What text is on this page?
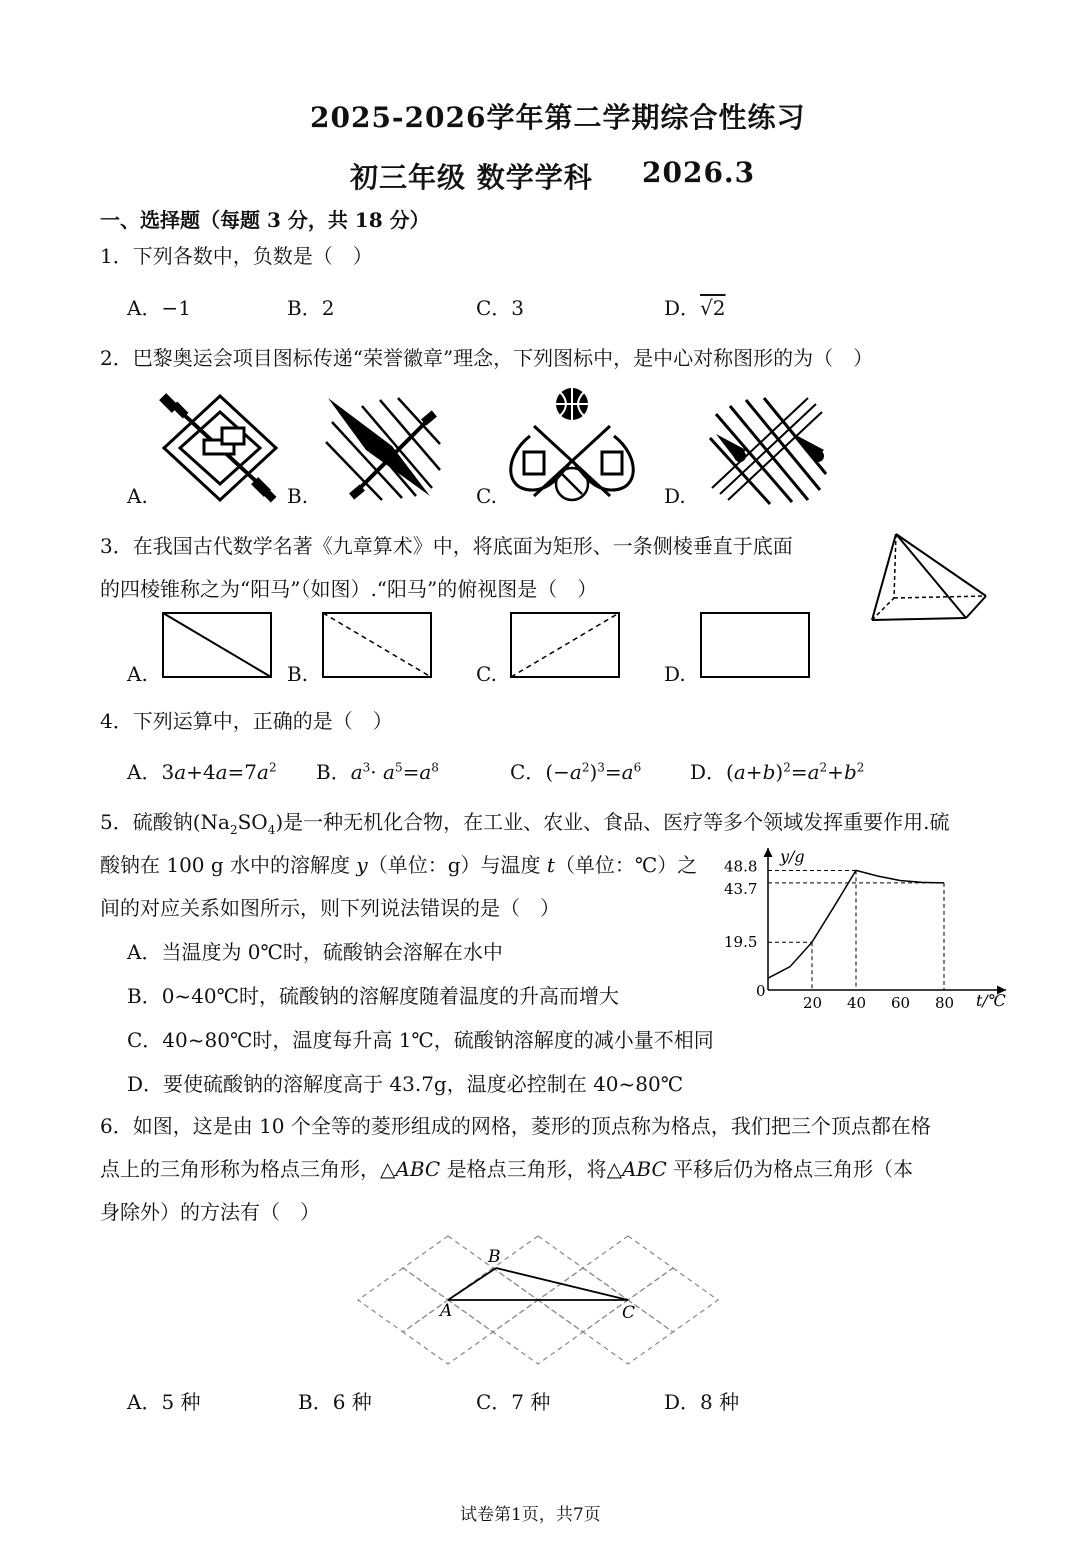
2025-2026学年第二学期综合性练习
初三年级 数学学科 2026.3
一、选择题（每题 3 分，共 18 分）
1．下列各数中，负数是（　）
A．−1	B．2	C．3	D．√2
2．巴黎奥运会项目图标传递“荣誉徽章”理念，下列图标中，是中心对称图形的为（　）
A.	B.	C.	D.
3．在我国古代数学名著《九章算术》中，将底面为矩形、一条侧棱垂直于底面
的四棱锥称之为“阳马”（如图）.“阳马”的俯视图是（　）
A.	B.	C.	D.
4．下列运算中，正确的是（　）
A．$3a+4a=7a^2$ B．$a^3\cdot a^5=a^8$	C．$(-a^2)^3=a^6$ D．$(a+b)^2=a^2+b^2$
5．硫酸钠$(Na_2SO_4)$是一种无机化合物，在工业、农业、食品、医疗等多个领域发挥重要作用.硫
酸钠在 100 g 水中的溶解度 y（单位：g）与温度 t（单位：℃）之
间的对应关系如图所示，则下列说法错误的是（　）
A．当温度为 0℃时，硫酸钠会溶解在水中
B．0~40℃时，硫酸钠的溶解度随着温度的升高而增大
C．40~80℃时，温度每升高 1℃，硫酸钠溶解度的减小量不相同
D．要使硫酸钠的溶解度高于 43.7g，温度必控制在 40~80℃
y/g
t/℃
0
48.8
43.7
19.5
20 40 60 80
6．如图，这是由 10 个全等的菱形组成的网格，菱形的顶点称为格点，我们把三个顶点都在格
点上的三角形称为格点三角形，△ABC 是格点三角形，将△ABC 平移后仍为格点三角形（本
身除外）的方法有（　）
A
B
C
A．5 种	B．6 种	C．7 种	D．8 种
试卷第1页，共7页
